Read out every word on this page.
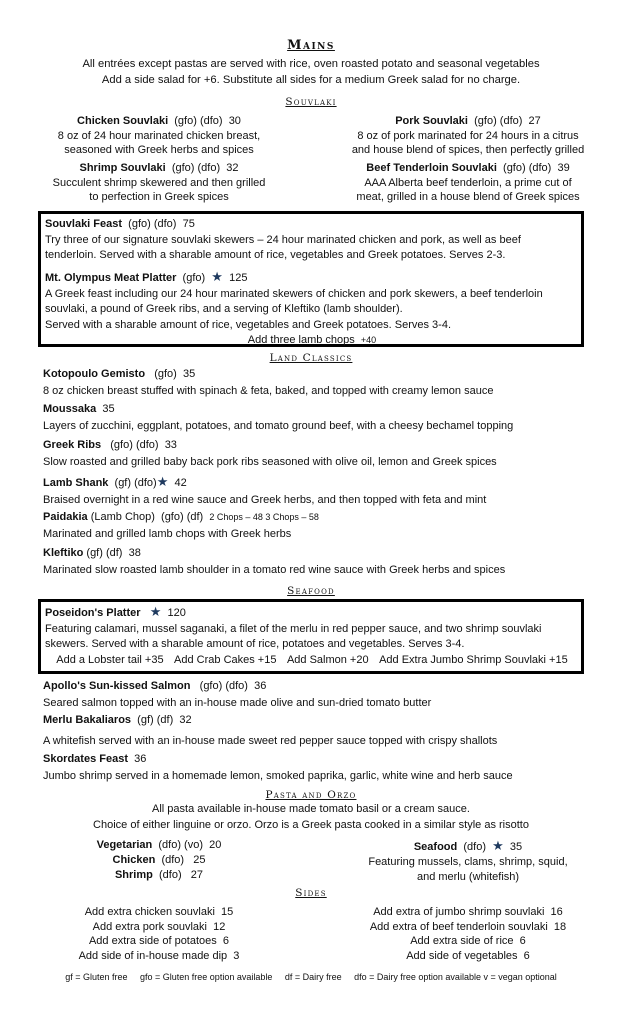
Mains
All entrées except pastas are served with rice, oven roasted potato and seasonal vegetables
Add a side salad for +6. Substitute all sides for a medium Greek salad for no charge.
Souvlaki
Chicken Souvlaki (gfo) (dfo) 30
8 oz of 24 hour marinated chicken breast,
seasoned with Greek herbs and spices
Pork Souvlaki (gfo) (dfo) 27
8 oz of pork marinated for 24 hours in a citrus
and house blend of spices, then perfectly grilled
Shrimp Souvlaki (gfo) (dfo) 32
Succulent shrimp skewered and then grilled
to perfection in Greek spices
Beef Tenderloin Souvlaki (gfo) (dfo) 39
AAA Alberta beef tenderloin, a prime cut of
meat, grilled in a house blend of Greek spices
Souvlaki Feast (gfo) (dfo) 75
Try three of our signature souvlaki skewers – 24 hour marinated chicken and pork, as well as beef
tenderloin. Served with a sharable amount of rice, vegetables and Greek potatoes. Serves 2-3.
Mt. Olympus Meat Platter (gfo) ★ 125
A Greek feast including our 24 hour marinated skewers of chicken and pork skewers, a beef tenderloin
souvlaki, a pound of Greek ribs, and a serving of Kleftiko (lamb shoulder).
Served with a sharable amount of rice, vegetables and Greek potatoes. Serves 3-4.
Add three lamb chops +40
Land Classics
Kotopoulo Gemisto (gfo) 35
8 oz chicken breast stuffed with spinach & feta, baked, and topped with creamy lemon sauce
Moussaka 35
Layers of zucchini, eggplant, potatoes, and tomato ground beef, with a cheesy bechamel topping
Greek Ribs (gfo) (dfo) 33
Slow roasted and grilled baby back pork ribs seasoned with olive oil, lemon and Greek spices
Lamb Shank (gf) (dfo)★ 42
Braised overnight in a red wine sauce and Greek herbs, and then topped with feta and mint
Paidakia (Lamb Chop) (gfo) (df) 2 Chops – 48 3 Chops – 58
Marinated and grilled lamb chops with Greek herbs
Kleftiko (gf) (df) 38
Marinated slow roasted lamb shoulder in a tomato red wine sauce with Greek herbs and spices
Seafood
Poseidon's Platter ★ 120
Featuring calamari, mussel saganaki, a filet of the merlu in red pepper sauce, and two shrimp souvlaki
skewers. Served with a sharable amount of rice, potatoes and vegetables. Serves 3-4.
Add a Lobster tail +35 Add Crab Cakes +15 Add Salmon +20 Add Extra Jumbo Shrimp Souvlaki +15
Apollo's Sun-kissed Salmon (gfo) (dfo) 36
Seared salmon topped with an in-house made olive and sun-dried tomato butter
Merlu Bakaliaros (gf) (df) 32
A whitefish served with an in-house made sweet red pepper sauce topped with crispy shallots
Skordates Feast 36
Jumbo shrimp served in a homemade lemon, smoked paprika, garlic, white wine and herb sauce
Pasta and Orzo
All pasta available in-house made tomato basil or a cream sauce.
Choice of either linguine or orzo. Orzo is a Greek pasta cooked in a similar style as risotto
Vegetarian (dfo) (vo) 20
Chicken (dfo) 25
Shrimp (dfo) 27
Seafood (dfo) ★ 35
Featuring mussels, clams, shrimp, squid,
and merlu (whitefish)
Sides
Add extra chicken souvlaki 15
Add extra pork souvlaki 12
Add extra side of potatoes 6
Add side of in-house made dip 3
Add extra of jumbo shrimp souvlaki 16
Add extra of beef tenderloin souvlaki 18
Add extra side of rice 6
Add side of vegetables 6
gf = Gluten free     gfo = Gluten free option available     df = Dairy free     dfo = Dairy free option available v = vegan optional
